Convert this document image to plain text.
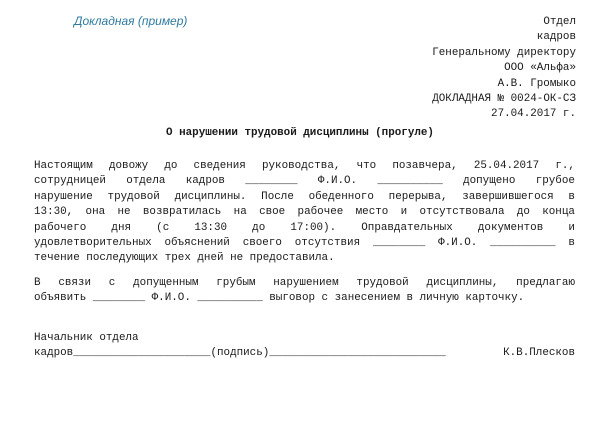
Докладная (пример)	Отдел
кадров
Генеральному директору
ООО «Альфа»
А.В. Громыко
ДОКЛАДНАЯ № 0024-ОК-СЗ
27.04.2017 г.
О нарушении трудовой дисциплины (прогуле)
Настоящим довожу до сведения руководства, что позавчера, 25.04.2017 г.,
сотрудницей отдела кадров ________ Ф.И.О. __________ допущено грубое
нарушение трудовой дисциплины. После обеденного перерыва, завершившегося в
13:30, она не возвратилась на свое рабочее место и отсутствовала до конца
рабочего дня (с 13:30 до 17:00). Оправдательных документов и
удовлетворительных объяснений своего отсутствия ________ Ф.И.О. __________ в
течение последующих трех дней не предоставила.
В связи с допущенным грубым нарушением трудовой дисциплины, предлагаю
объявить ________ Ф.И.О. __________ выговор с занесением в личную карточку.
Начальник отдела
кадров_____________________(подпись)___________________________	К.В.Плесков
